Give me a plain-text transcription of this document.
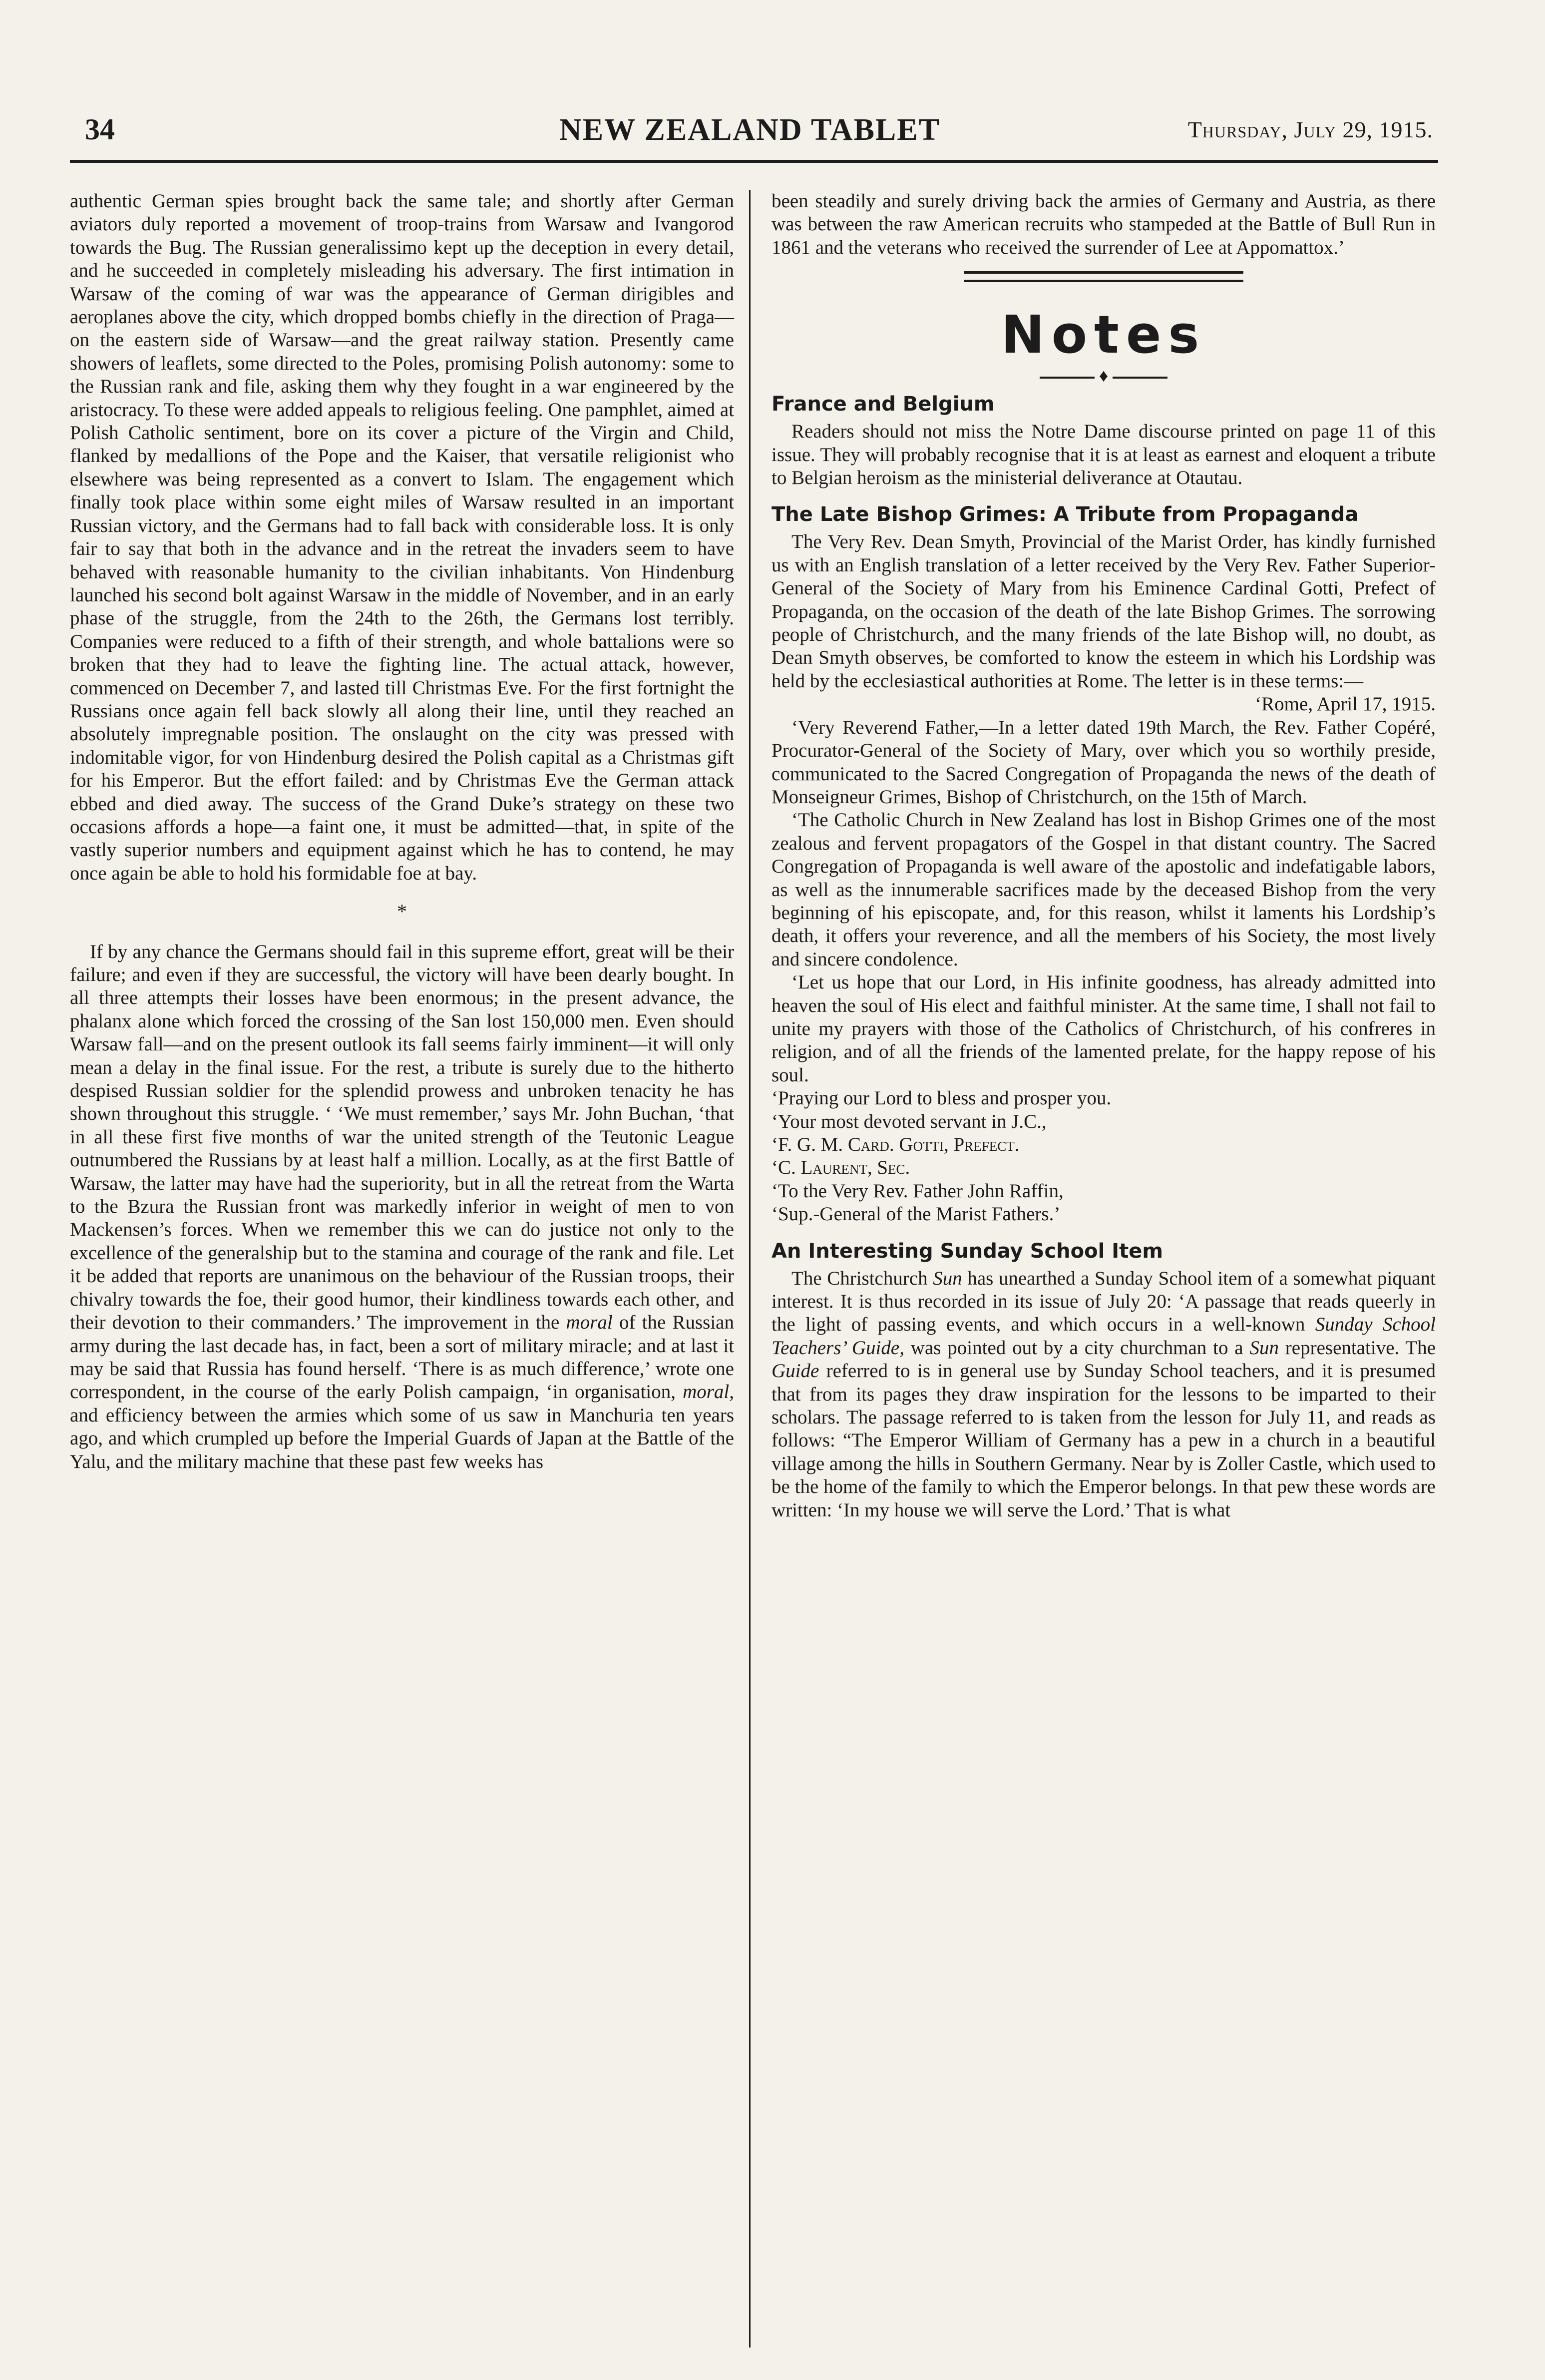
34	NEW ZEALAND TABLET	Thursday, July 29, 1915.

authentic German spies brought back the same tale; and shortly after German aviators duly reported a movement of troop-trains from Warsaw and Ivangorod towards the Bug. The Russian generalissimo kept up the deception in every detail, and he succeeded in completely misleading his adversary. The first intimation in Warsaw of the coming of war was the appearance of German dirigibles and aeroplanes above the city, which dropped bombs chiefly in the direction of Praga—on the eastern side of Warsaw—and the great railway station. Presently came showers of leaflets, some directed to the Poles, promising Polish autonomy: some to the Russian rank and file, asking them why they fought in a war engineered by the aristocracy. To these were added appeals to religious feeling. One pamphlet, aimed at Polish Catholic sentiment, bore on its cover a picture of the Virgin and Child, flanked by medallions of the Pope and the Kaiser, that versatile religionist who elsewhere was being represented as a convert to Islam. The engagement which finally took place within some eight miles of Warsaw resulted in an important Russian victory, and the Germans had to fall back with considerable loss. It is only fair to say that both in the advance and in the retreat the invaders seem to have behaved with reasonable humanity to the civilian inhabitants. Von Hindenburg launched his second bolt against Warsaw in the middle of November, and in an early phase of the struggle, from the 24th to the 26th, the Germans lost terribly. Companies were reduced to a fifth of their strength, and whole battalions were so broken that they had to leave the fighting line. The actual attack, however, commenced on December 7, and lasted till Christmas Eve. For the first fortnight the Russians once again fell back slowly all along their line, until they reached an absolutely impregnable position. The onslaught on the city was pressed with indomitable vigor, for von Hindenburg desired the Polish capital as a Christmas gift for his Emperor. But the effort failed: and by Christmas Eve the German attack ebbed and died away. The success of the Grand Duke’s strategy on these two occasions affords a hope—a faint one, it must be admitted—that, in spite of the vastly superior numbers and equipment against which he has to contend, he may once again be able to hold his formidable foe at bay.

*

If by any chance the Germans should fail in this supreme effort, great will be their failure; and even if they are successful, the victory will have been dearly bought. In all three attempts their losses have been enormous; in the present advance, the phalanx alone which forced the crossing of the San lost 150,000 men. Even should Warsaw fall—and on the present outlook its fall seems fairly imminent—it will only mean a delay in the final issue. For the rest, a tribute is surely due to the hitherto despised Russian soldier for the splendid prowess and unbroken tenacity he has shown throughout this struggle. ‘ ‘We must remember,’ says Mr. John Buchan, ‘that in all these first five months of war the united strength of the Teutonic League outnumbered the Russians by at least half a million. Locally, as at the first Battle of Warsaw, the latter may have had the superiority, but in all the retreat from the Warta to the Bzura the Russian front was markedly inferior in weight of men to von Mackensen’s forces. When we remember this we can do justice not only to the excellence of the generalship but to the stamina and courage of the rank and file. Let it be added that reports are unanimous on the behaviour of the Russian troops, their chivalry towards the foe, their good humor, their kindliness towards each other, and their devotion to their commanders.’ The improvement in the moral of the Russian army during the last decade has, in fact, been a sort of military miracle; and at last it may be said that Russia has found herself. ‘There is as much difference,’ wrote one correspondent, in the course of the early Polish campaign, ‘in organisation, moral, and efficiency between the armies which some of us saw in Manchuria ten years ago, and which crumpled up before the Imperial Guards of Japan at the Battle of the Yalu, and the military machine that these past few weeks has

been steadily and surely driving back the armies of Germany and Austria, as there was between the raw American recruits who stampeded at the Battle of Bull Run in 1861 and the veterans who received the surrender of Lee at Appomattox.’

Notes
♦
France and Belgium

Readers should not miss the Notre Dame discourse printed on page 11 of this issue. They will probably recognise that it is at least as earnest and eloquent a tribute to Belgian heroism as the ministerial deliverance at Otautau.

The Late Bishop Grimes: A Tribute from Propaganda

The Very Rev. Dean Smyth, Provincial of the Marist Order, has kindly furnished us with an English translation of a letter received by the Very Rev. Father Superior-General of the Society of Mary from his Eminence Cardinal Gotti, Prefect of Propaganda, on the occasion of the death of the late Bishop Grimes. The sorrowing people of Christchurch, and the many friends of the late Bishop will, no doubt, as Dean Smyth observes, be comforted to know the esteem in which his Lordship was held by the ecclesiastical authorities at Rome. The letter is in these terms:—

‘Rome, April 17, 1915.

‘Very Reverend Father,—In a letter dated 19th March, the Rev. Father Copéré, Procurator-General of the Society of Mary, over which you so worthily preside, communicated to the Sacred Congregation of Propaganda the news of the death of Monseigneur Grimes, Bishop of Christchurch, on the 15th of March.

‘The Catholic Church in New Zealand has lost in Bishop Grimes one of the most zealous and fervent propagators of the Gospel in that distant country. The Sacred Congregation of Propaganda is well aware of the apostolic and indefatigable labors, as well as the innumerable sacrifices made by the deceased Bishop from the very beginning of his episcopate, and, for this reason, whilst it laments his Lordship’s death, it offers your reverence, and all the members of his Society, the most lively and sincere condolence.

‘Let us hope that our Lord, in His infinite goodness, has already admitted into heaven the soul of His elect and faithful minister. At the same time, I shall not fail to unite my prayers with those of the Catholics of Christchurch, of his confreres in religion, and of all the friends of the lamented prelate, for the happy repose of his soul.

‘Praying our Lord to bless and prosper you.

‘Your most devoted servant in J.C.,

‘F. G. M. Card. Gotti, Prefect.

‘C. Laurent, Sec.

‘To the Very Rev. Father John Raffin,

‘Sup.-General of the Marist Fathers.’

An Interesting Sunday School Item

The Christchurch Sun has unearthed a Sunday School item of a somewhat piquant interest. It is thus recorded in its issue of July 20: ‘A passage that reads queerly in the light of passing events, and which occurs in a well-known Sunday School Teachers’ Guide, was pointed out by a city churchman to a Sun representative. The Guide referred to is in general use by Sunday School teachers, and it is presumed that from its pages they draw inspiration for the lessons to be imparted to their scholars. The passage referred to is taken from the lesson for July 11, and reads as follows: “The Emperor William of Germany has a pew in a church in a beautiful village among the hills in Southern Germany. Near by is Zoller Castle, which used to be the home of the family to which the Emperor belongs. In that pew these words are written: ‘In my house we will serve the Lord.’ That is what
